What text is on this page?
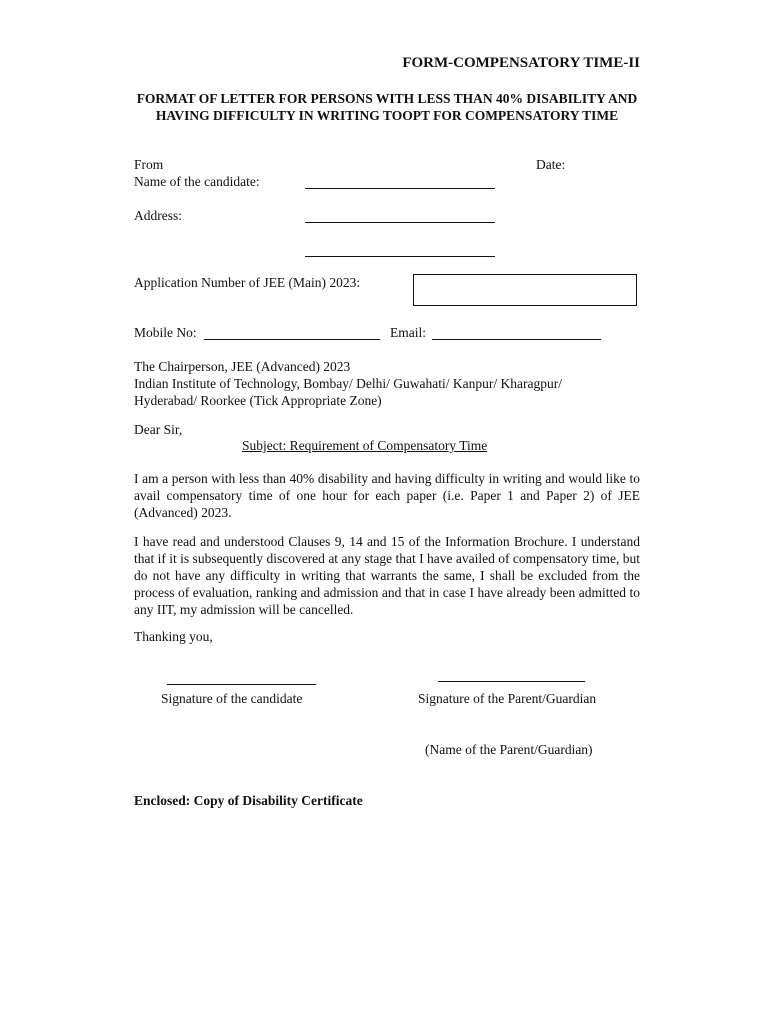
FORM-COMPENSATORY TIME-II
FORMAT OF LETTER FOR PERSONS WITH LESS THAN 40% DISABILITY AND HAVING DIFFICULTY IN WRITING TOOPT FOR COMPENSATORY TIME
From	Date:
Name of the candidate:
Address:
Application Number of JEE (Main) 2023:
Mobile No:	Email:
The Chairperson, JEE (Advanced) 2023
Indian Institute of Technology, Bombay/ Delhi/ Guwahati/ Kanpur/ Kharagpur/
Hyderabad/ Roorkee (Tick Appropriate Zone)
Dear Sir,
Subject: Requirement of Compensatory Time
I am a person with less than 40% disability and having difficulty in writing and would like to avail compensatory time of one hour for each paper (i.e. Paper 1 and Paper 2) of JEE (Advanced) 2023.
I have read and understood Clauses 9, 14 and 15 of the Information Brochure. I understand that if it is subsequently discovered at any stage that I have availed of compensatory time, but do not have any difficulty in writing that warrants the same, I shall be excluded from the process of evaluation, ranking and admission and that in case I have already been admitted to any IIT, my admission will be cancelled.
Thanking you,
Signature of the candidate	Signature of the Parent/Guardian
(Name of the Parent/Guardian)
Enclosed: Copy of Disability Certificate
